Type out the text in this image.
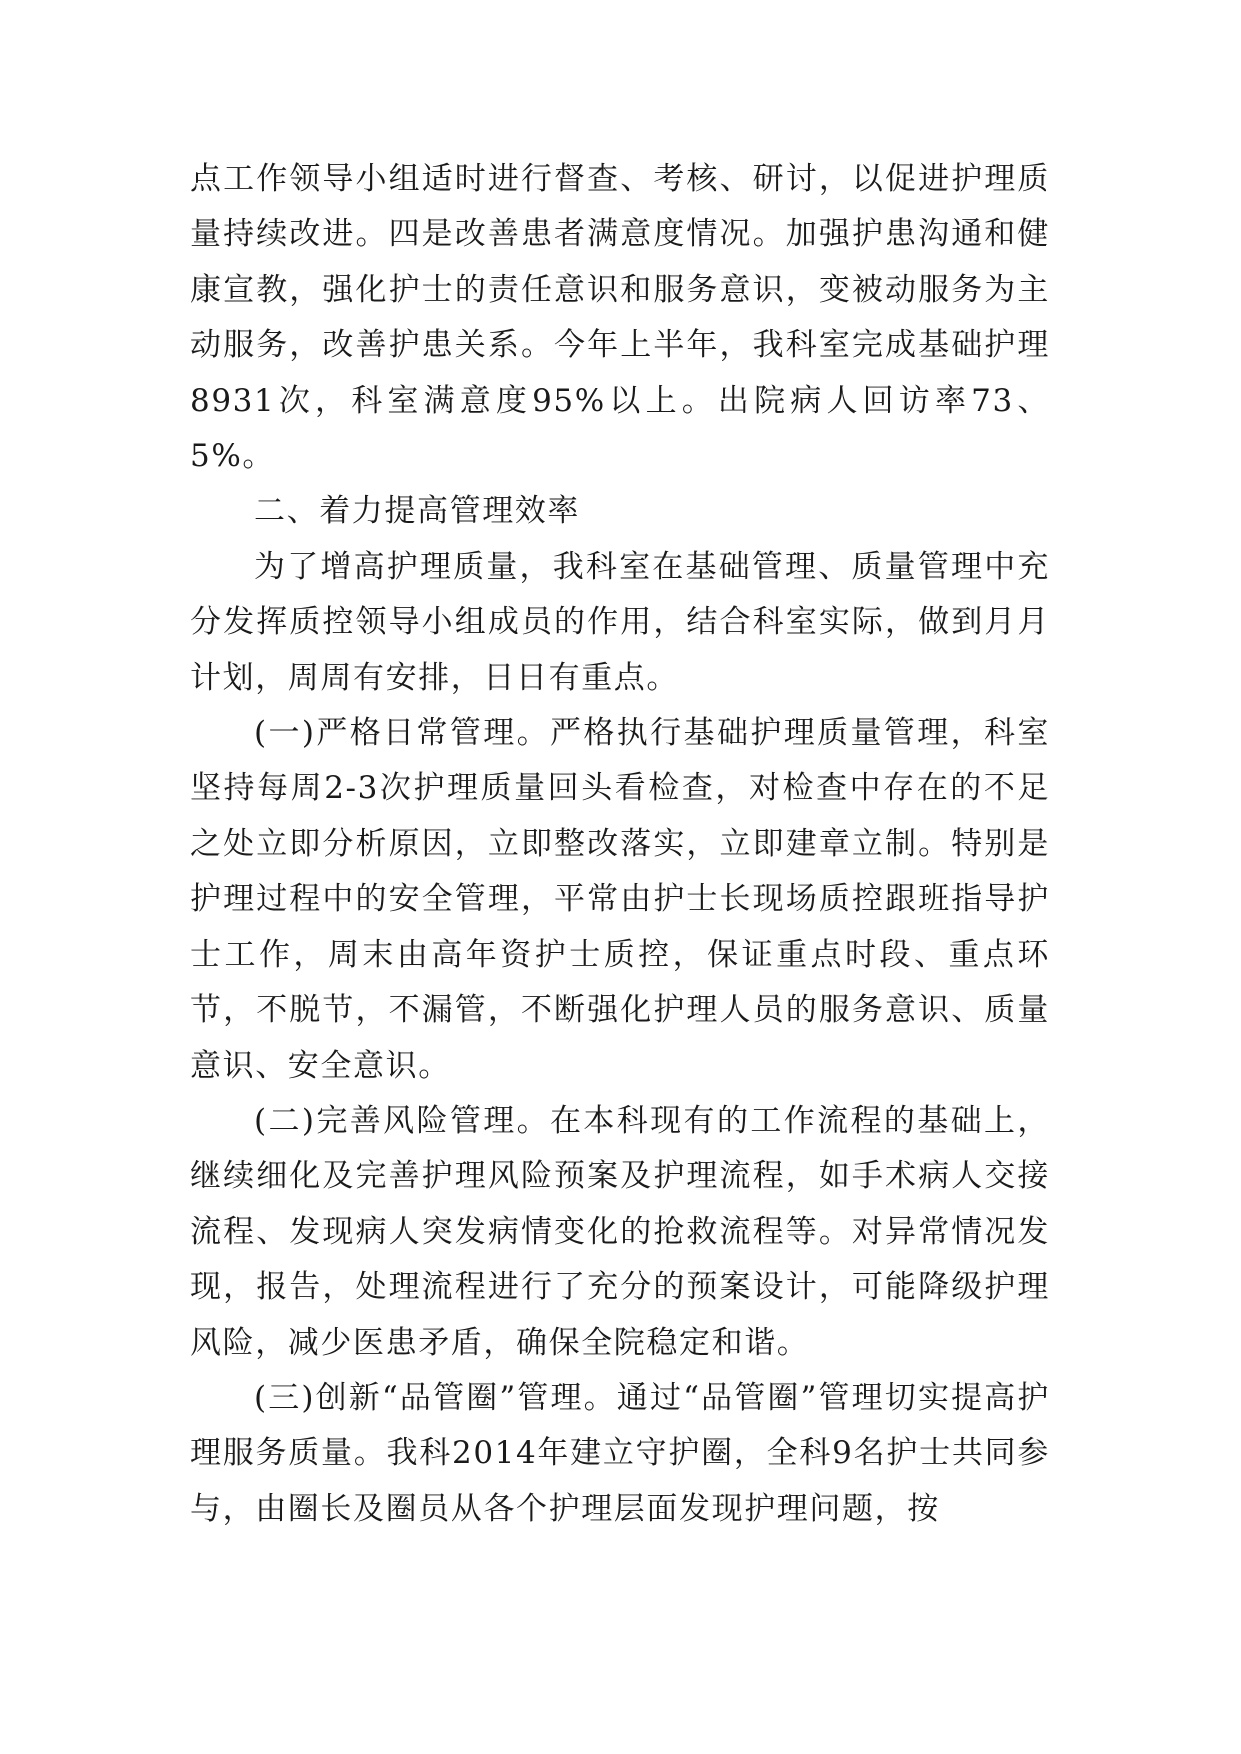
点工作领导小组适时进行督查、考核、研讨，以促进护理质量持续改进。四是改善患者满意度情况。加强护患沟通和健康宣教，强化护士的责任意识和服务意识，变被动服务为主动服务，改善护患关系。今年上半年，我科室完成基础护理8931次，科室满意度95%以上。出院病人回访率73、5%。

二、着力提高管理效率

为了增高护理质量，我科室在基础管理、质量管理中充分发挥质控领导小组成员的作用，结合科室实际，做到月月计划，周周有安排，日日有重点。

(一)严格日常管理。严格执行基础护理质量管理，科室坚持每周2-3次护理质量回头看检查，对检查中存在的不足之处立即分析原因，立即整改落实，立即建章立制。特别是护理过程中的安全管理，平常由护士长现场质控跟班指导护士工作，周末由高年资护士质控，保证重点时段、重点环节，不脱节，不漏管，不断强化护理人员的服务意识、质量意识、安全意识。

(二)完善风险管理。在本科现有的工作流程的基础上，继续细化及完善护理风险预案及护理流程，如手术病人交接流程、发现病人突发病情变化的抢救流程等。对异常情况发现，报告，处理流程进行了充分的预案设计，可能降级护理风险，减少医患矛盾，确保全院稳定和谐。

(三)创新“品管圈”管理。通过“品管圈”管理切实提高护理服务质量。我科2014年建立守护圈，全科9名护士共同参与，由圈长及圈员从各个护理层面发现护理问题，按
